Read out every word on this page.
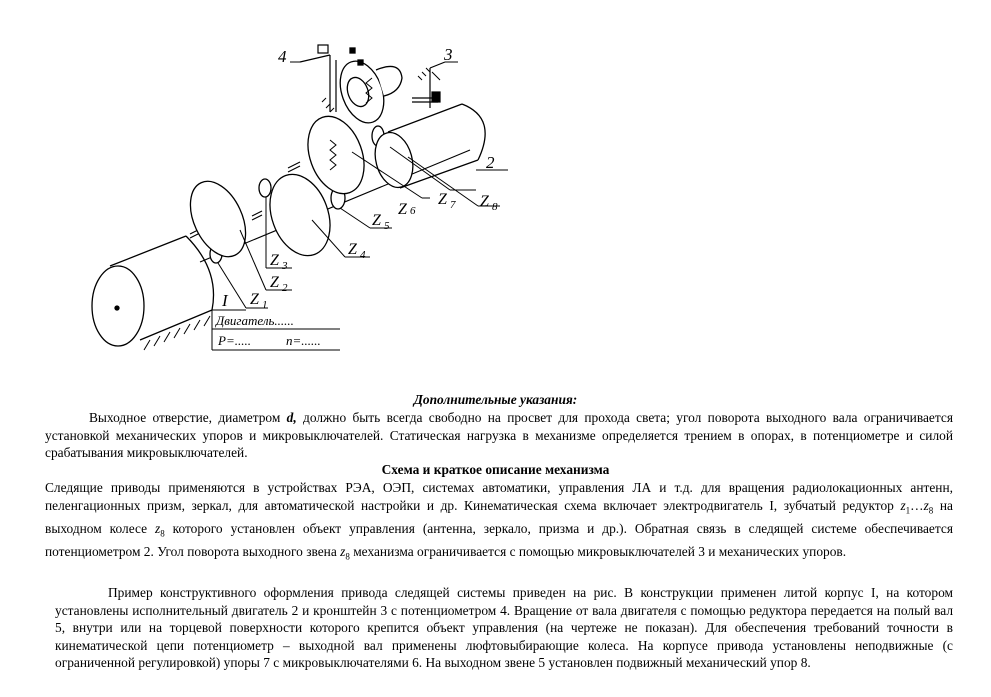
4	3
2
I Z 1
Z 2
Z 3
Z 4
Z 5
Z 6
Z 7 Z 8
Двигатель......
P=.....	n=......
Дополнительные указания:
Выходное отверстие, диаметром d, должно быть всегда свободно на просвет для прохода света; угол поворота выходного вала ограничивается установкой механических упоров и микровыключателей. Статическая нагрузка в механизме определяется трением в опорах, в потенциометре и силой срабатывания микровыключателей.
Схема и краткое описание механизма
Следящие приводы применяются в устройствах РЭА, ОЭП, системах автоматики, управления ЛА и т.д. для вращения радиолокационных антенн, пеленгационных призм, зеркал, для автоматической настройки и др. Кинематическая схема включает электродвигатель I, зубчатый редуктор $z_1\dots z_8$ на выходном колесе $z_8$ которого установлен объект управления (антенна, зеркало, призма и др.). Обратная связь в следящей системе обеспечивается потенциометром 2. Угол поворота выходного звена $z_8$ механизма ограничивается с помощью микровыключателей 3 и механических упоров.
Пример конструктивного оформления привода следящей системы приведен на рис. В конструкции применен литой корпус I, на котором установлены исполнительный двигатель 2 и кронштейн 3 с потенциометром 4. Вращение от вала двигателя с помощью редуктора передается на полый вал 5, внутри или на торцевой поверхности которого крепится объект управления (на чертеже не показан). Для обеспечения требований точности в кинематической цепи потенциометр – выходной вал применены люфтовыбирающие колеса. На корпусе привода установлены неподвижные (с ограниченной регулировкой) упоры 7 с микровыключателями 6. На выходном звене 5 установлен подвижный механический упор 8.
